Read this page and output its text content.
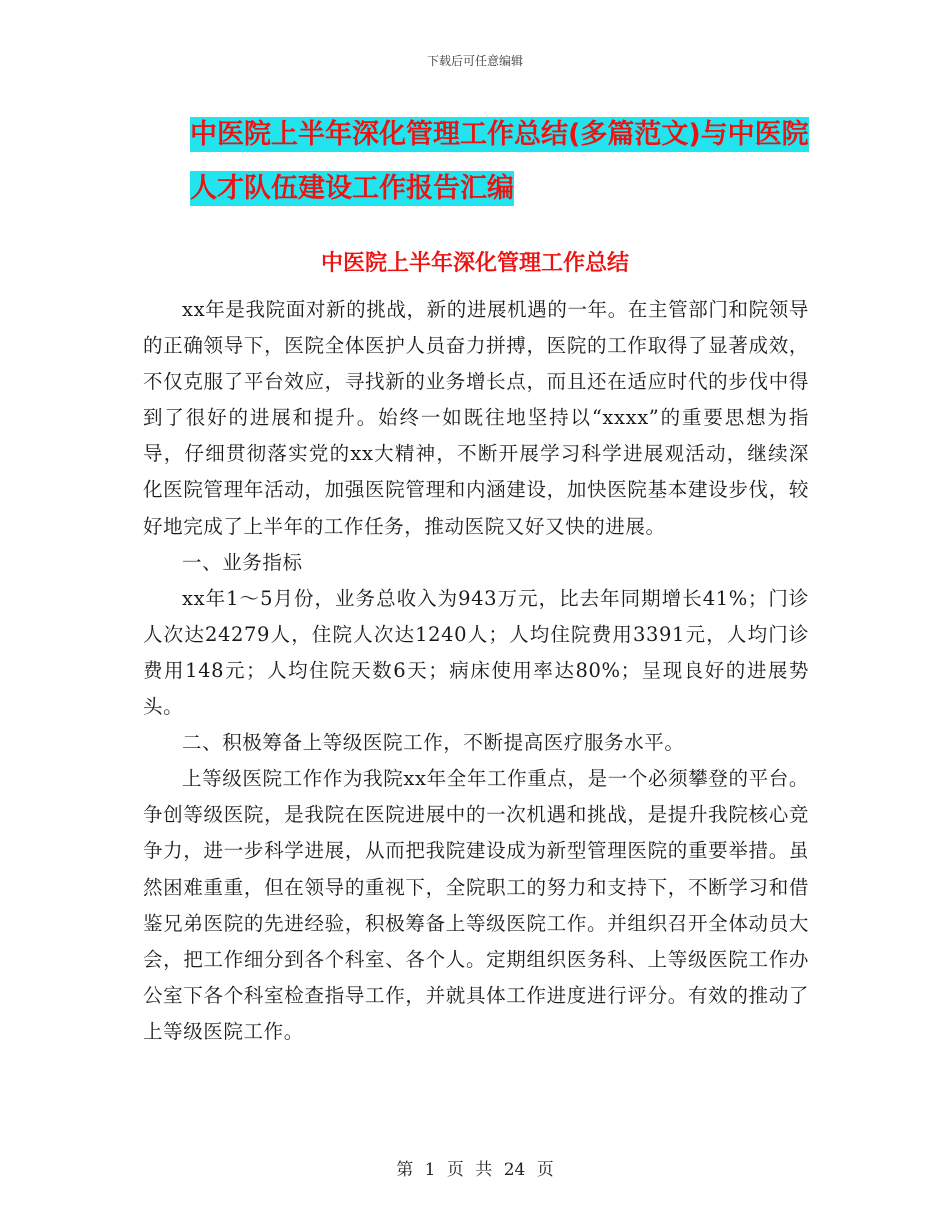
下载后可任意编辑
中医院上半年深化管理工作总结(多篇范文)与中医院
人才队伍建设工作报告汇编
中医院上半年深化管理工作总结

xx年是我院面对新的挑战，新的进展机遇的一年。在主管部门和院领导的正确领导下，医院全体医护人员奋力拼搏，医院的工作取得了显著成效，不仅克服了平台效应，寻找新的业务增长点，而且还在适应时代的步伐中得到了很好的进展和提升。始终一如既往地坚持以“xxxx”的重要思想为指导，仔细贯彻落实党的xx大精神，不断开展学习科学进展观活动，继续深化医院管理年活动，加强医院管理和内涵建设，加快医院基本建设步伐，较好地完成了上半年的工作任务，推动医院又好又快的进展。

一、业务指标

xx年1～5月份，业务总收入为943万元，比去年同期增长41%；门诊人次达24279人，住院人次达1240人；人均住院费用3391元，人均门诊费用148元；人均住院天数6天；病床使用率达80%；呈现良好的进展势头。

二、积极筹备上等级医院工作，不断提高医疗服务水平。

上等级医院工作作为我院xx年全年工作重点，是一个必须攀登的平台。争创等级医院，是我院在医院进展中的一次机遇和挑战，是提升我院核心竞争力，进一步科学进展，从而把我院建设成为新型管理医院的重要举措。虽然困难重重，但在领导的重视下，全院职工的努力和支持下，不断学习和借鉴兄弟医院的先进经验，积极筹备上等级医院工作。并组织召开全体动员大会，把工作细分到各个科室、各个人。定期组织医务科、上等级医院工作办公室下各个科室检查指导工作，并就具体工作进度进行评分。有效的推动了上等级医院工作。

第 1 页 共 24 页
